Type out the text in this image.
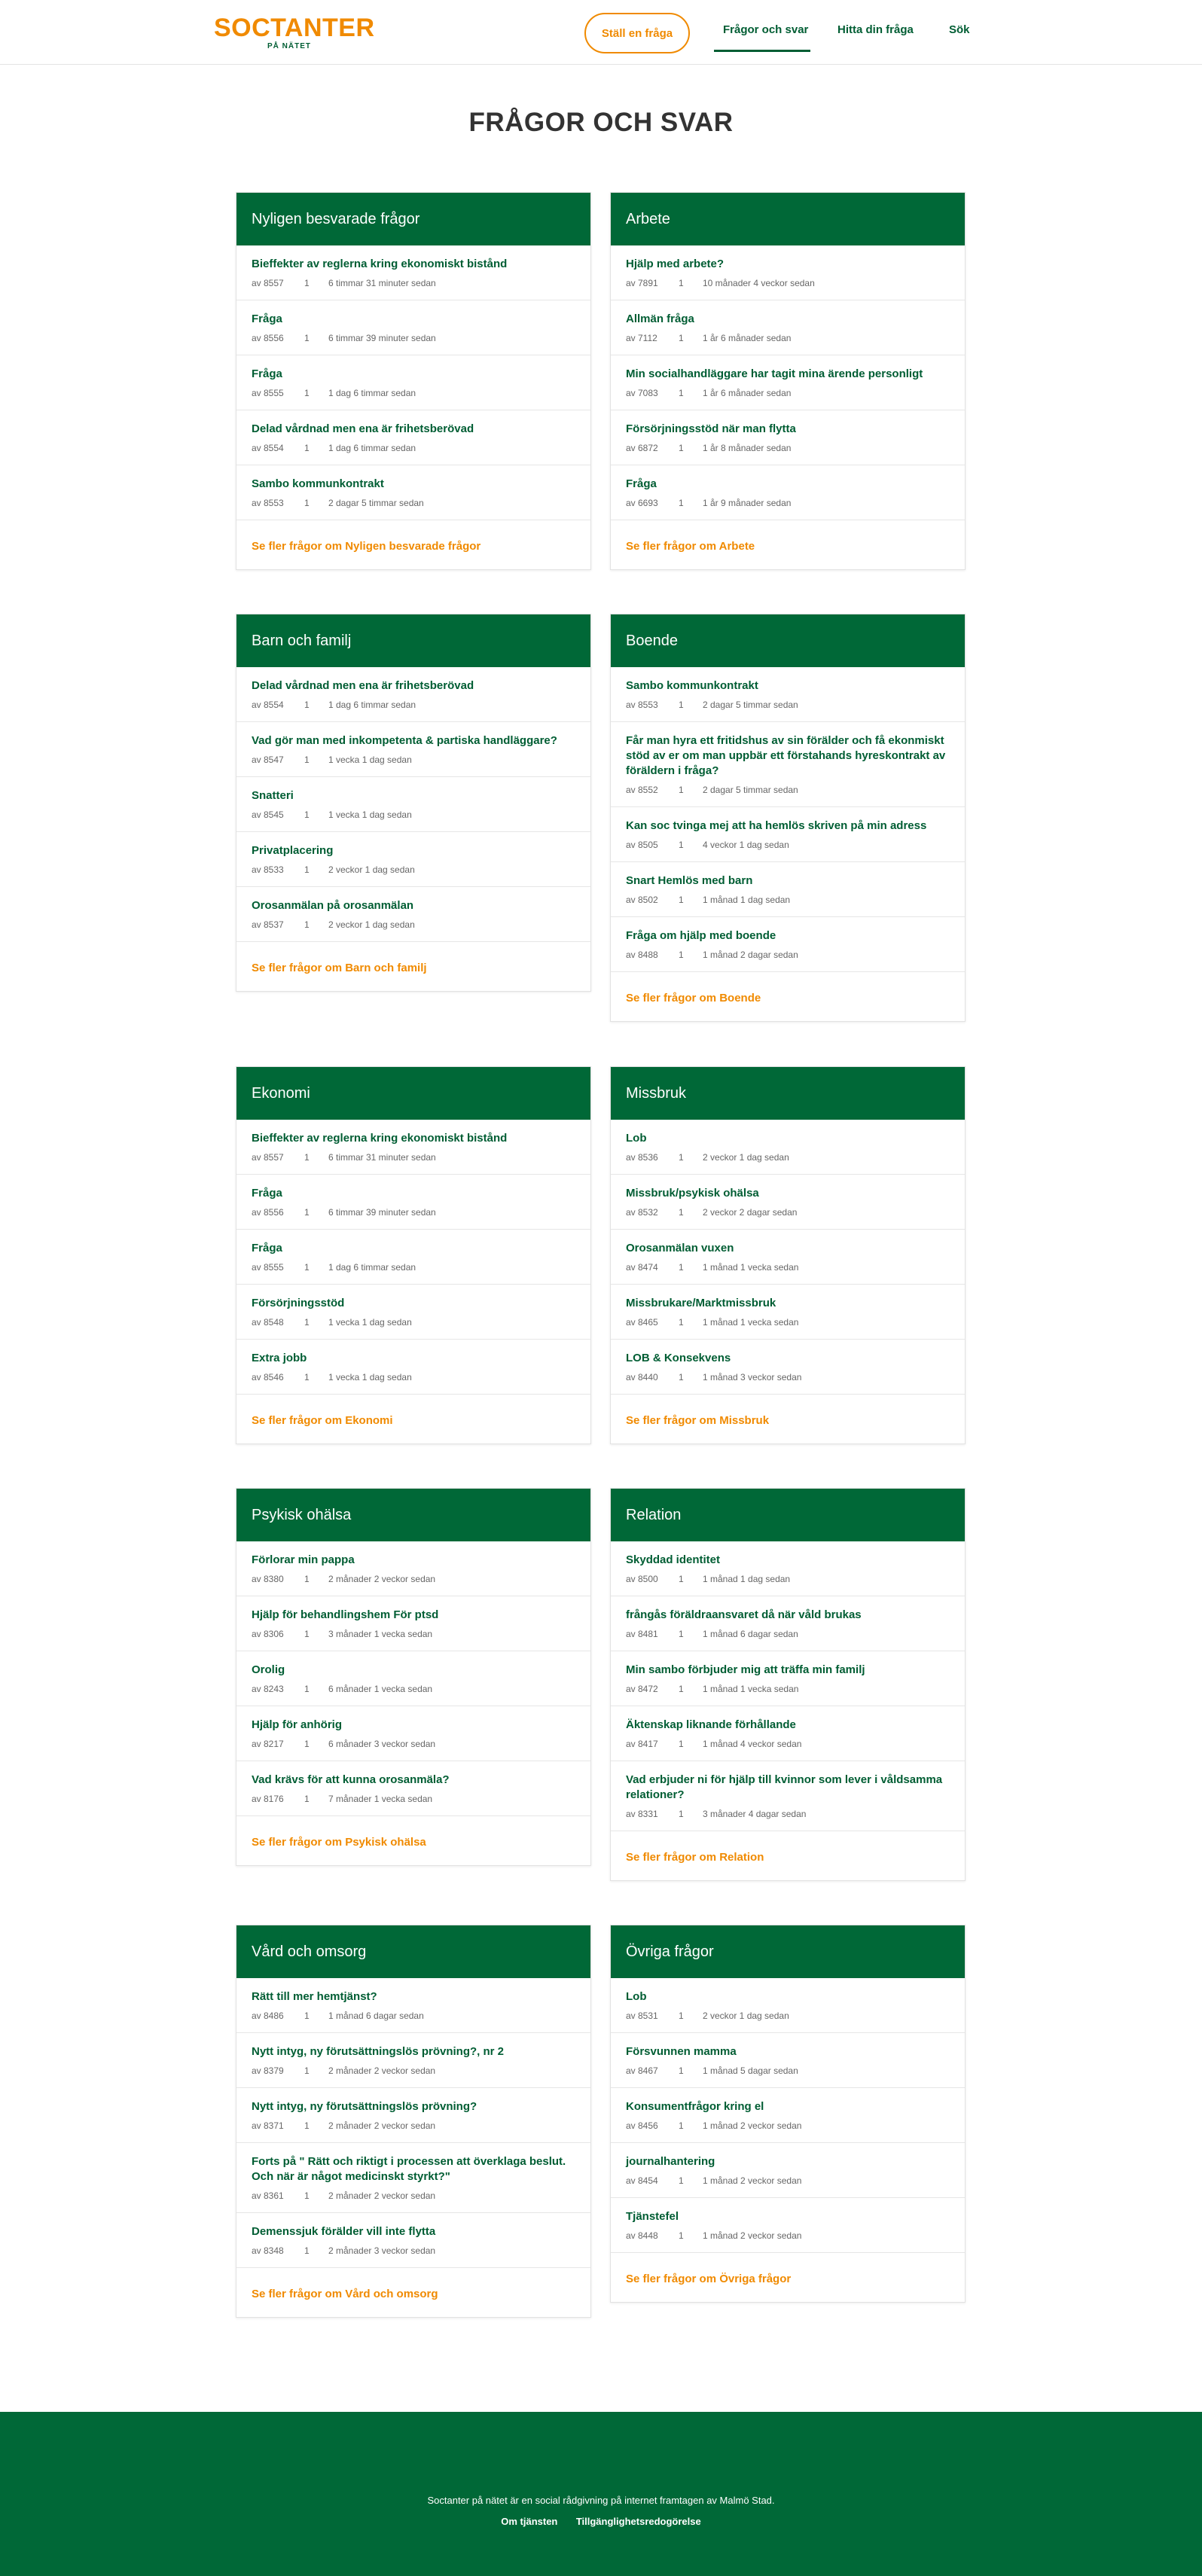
SOCTANTER
PÅ NÄTET
Ställ en fråga	Frågor och svar	Hitta din fråga	Sök
FRÅGOR OCH SVAR
Nyligen besvarade frågor
Bieffekter av reglerna kring ekonomiskt bistånd
av 8557	1	6 timmar 31 minuter sedan
Fråga
av 8556	1	6 timmar 39 minuter sedan
Fråga
av 8555	1	1 dag 6 timmar sedan
Delad vårdnad men ena är frihetsberövad
av 8554	1	1 dag 6 timmar sedan
Sambo kommunkontrakt
av 8553	1	2 dagar 5 timmar sedan
Se fler frågor om Nyligen besvarade frågor
Arbete
Hjälp med arbete?
av 7891	1	10 månader 4 veckor sedan
Allmän fråga
av 7112	1	1 år 6 månader sedan
Min socialhandläggare har tagit mina ärende personligt
av 7083	1	1 år 6 månader sedan
Försörjningsstöd när man flytta
av 6872	1	1 år 8 månader sedan
Fråga
av 6693	1	1 år 9 månader sedan
Se fler frågor om Arbete
Barn och familj
Delad vårdnad men ena är frihetsberövad
av 8554	1	1 dag 6 timmar sedan
Vad gör man med inkompetenta & partiska handläggare?
av 8547	1	1 vecka 1 dag sedan
Snatteri
av 8545	1	1 vecka 1 dag sedan
Privatplacering
av 8533	1	2 veckor 1 dag sedan
Orosanmälan på orosanmälan
av 8537	1	2 veckor 1 dag sedan
Se fler frågor om Barn och familj
Boende
Sambo kommunkontrakt
av 8553	1	2 dagar 5 timmar sedan
Får man hyra ett fritidshus av sin förälder och få ekonmiskt stöd av er om man uppbär ett förstahands hyreskontrakt av föräldern i fråga?
av 8552	1	2 dagar 5 timmar sedan
Kan soc tvinga mej att ha hemlös skriven på min adress
av 8505	1	4 veckor 1 dag sedan
Snart Hemlös med barn
av 8502	1	1 månad 1 dag sedan
Fråga om hjälp med boende
av 8488	1	1 månad 2 dagar sedan
Se fler frågor om Boende
Ekonomi
Bieffekter av reglerna kring ekonomiskt bistånd
av 8557	1	6 timmar 31 minuter sedan
Fråga
av 8556	1	6 timmar 39 minuter sedan
Fråga
av 8555	1	1 dag 6 timmar sedan
Försörjningsstöd
av 8548	1	1 vecka 1 dag sedan
Extra jobb
av 8546	1	1 vecka 1 dag sedan
Se fler frågor om Ekonomi
Missbruk
Lob
av 8536	1	2 veckor 1 dag sedan
Missbruk/psykisk ohälsa
av 8532	1	2 veckor 2 dagar sedan
Orosanmälan vuxen
av 8474	1	1 månad 1 vecka sedan
Missbrukare/Marktmissbruk
av 8465	1	1 månad 1 vecka sedan
LOB & Konsekvens
av 8440	1	1 månad 3 veckor sedan
Se fler frågor om Missbruk
Psykisk ohälsa
Förlorar min pappa
av 8380	1	2 månader 2 veckor sedan
Hjälp för behandlingshem För ptsd
av 8306	1	3 månader 1 vecka sedan
Orolig
av 8243	1	6 månader 1 vecka sedan
Hjälp för anhörig
av 8217	1	6 månader 3 veckor sedan
Vad krävs för att kunna orosanmäla?
av 8176	1	7 månader 1 vecka sedan
Se fler frågor om Psykisk ohälsa
Relation
Skyddad identitet
av 8500	1	1 månad 1 dag sedan
frångås föräldraansvaret då när våld brukas
av 8481	1	1 månad 6 dagar sedan
Min sambo förbjuder mig att träffa min familj
av 8472	1	1 månad 1 vecka sedan
Äktenskap liknande förhållande
av 8417	1	1 månad 4 veckor sedan
Vad erbjuder ni för hjälp till kvinnor som lever i våldsamma relationer?
av 8331	1	3 månader 4 dagar sedan
Se fler frågor om Relation
Vård och omsorg
Rätt till mer hemtjänst?
av 8486	1	1 månad 6 dagar sedan
Nytt intyg, ny förutsättningslös prövning?, nr 2
av 8379	1	2 månader 2 veckor sedan
Nytt intyg, ny förutsättningslös prövning?
av 8371	1	2 månader 2 veckor sedan
Forts på " Rätt och riktigt i processen att överklaga beslut. Och när är något medicinskt styrkt?"
av 8361	1	2 månader 2 veckor sedan
Demenssjuk förälder vill inte flytta
av 8348	1	2 månader 3 veckor sedan
Se fler frågor om Vård och omsorg
Övriga frågor
Lob
av 8531	1	2 veckor 1 dag sedan
Försvunnen mamma
av 8467	1	1 månad 5 dagar sedan
Konsumentfrågor kring el
av 8456	1	1 månad 2 veckor sedan
journalhantering
av 8454	1	1 månad 2 veckor sedan
Tjänstefel
av 8448	1	1 månad 2 veckor sedan
Se fler frågor om Övriga frågor
Soctanter på nätet är en social rådgivning på internet framtagen av Malmö Stad.
Om tjänsten Tillgänglighetsredogörelse
